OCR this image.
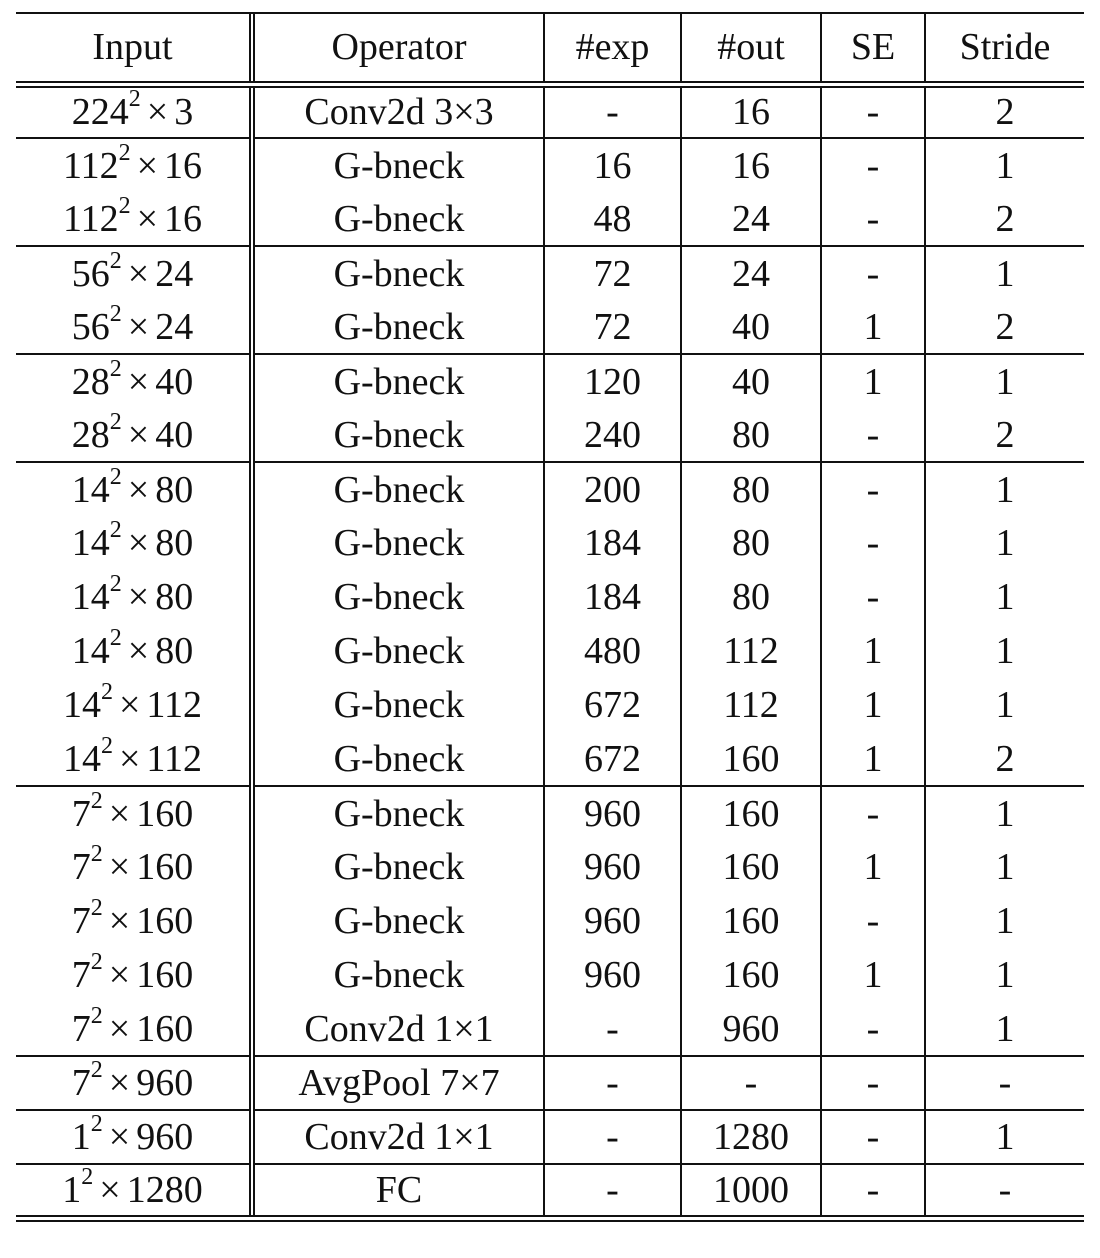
Input	Operator	#exp	#out	SE	Stride
$224^2 \times 3$	Conv2d 3×3	-	16	-	2
$112^2 \times 16$	G-bneck	16	16	-	1
$112^2 \times 16$	G-bneck	48	24	-	2
$56^2 \times 24$	G-bneck	72	24	-	1
$56^2 \times 24$	G-bneck	72	40	1	2
$28^2 \times 40$	G-bneck	120	40	1	1
$28^2 \times 40$	G-bneck	240	80	-	2
$14^2 \times 80$	G-bneck	200	80	-	1
$14^2 \times 80$	G-bneck	184	80	-	1
$14^2 \times 80$	G-bneck	184	80	-	1
$14^2 \times 80$	G-bneck	480	112	1	1
$14^2 \times 112$	G-bneck	672	112	1	1
$14^2 \times 112$	G-bneck	672	160	1	2
$7^2 \times 160$	G-bneck	960	160	-	1
$7^2 \times 160$	G-bneck	960	160	1	1
$7^2 \times 160$	G-bneck	960	160	-	1
$7^2 \times 160$	G-bneck	960	160	1	1
$7^2 \times 160$	Conv2d 1×1	-	960	-	1
$7^2 \times 960$	AvgPool 7×7	-	-	-	-
$1^2 \times 960$	Conv2d 1×1	-	1280	-	1
$1^2 \times 1280$	FC	-	1000	-	-
